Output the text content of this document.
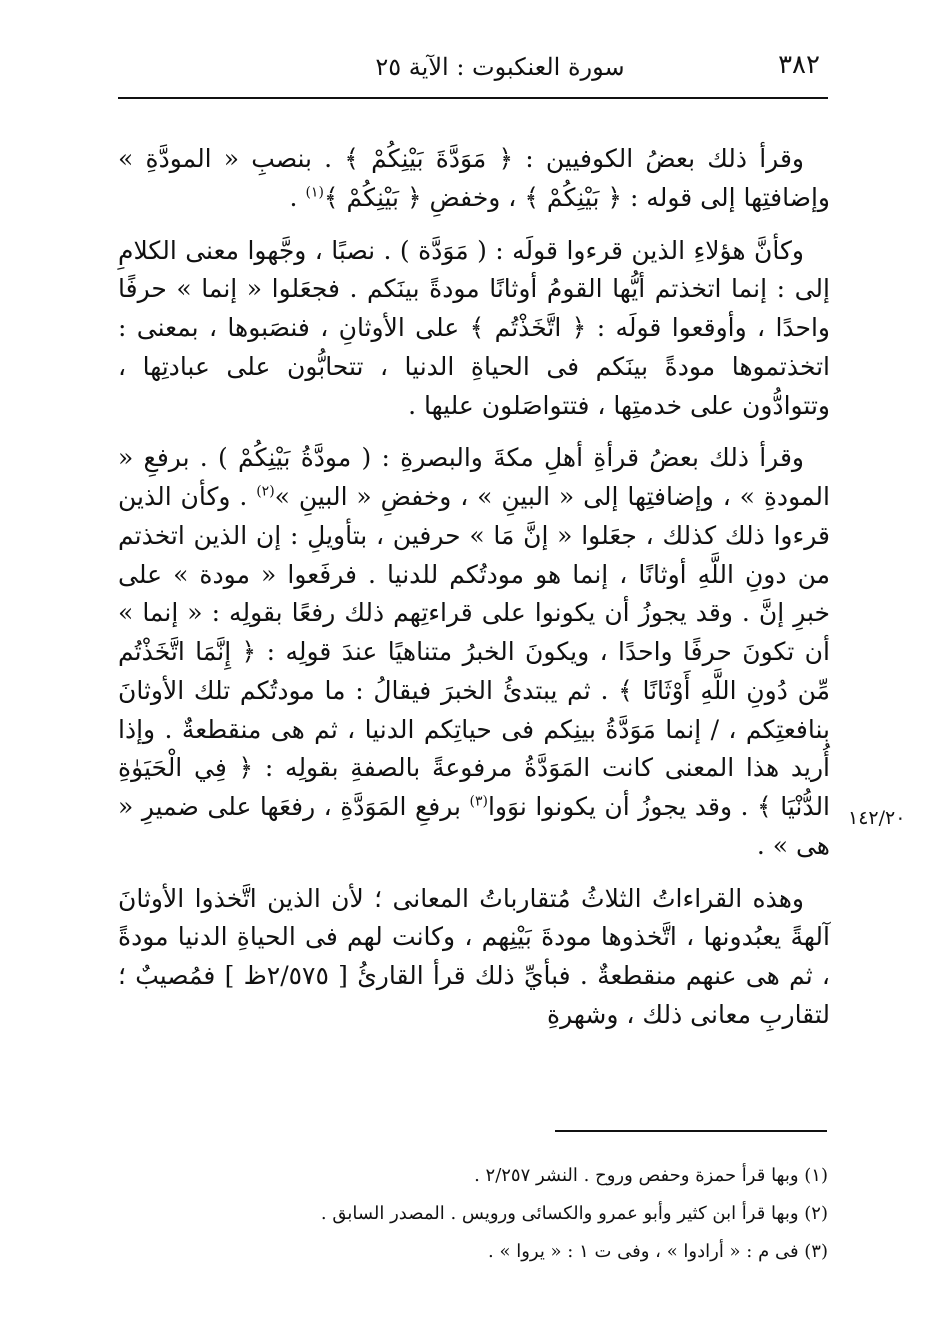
٣٨٢
سورة العنكبوت : الآية ٢٥

وقرأ ذلك بعضُ الكوفيين : ﴿ مَوَدَّةَ بَيْنِكُمْ ﴾ . بنصبِ « المودَّةِ » وإضافتِها إلى قوله : ﴿ بَيْنِكُمْ ﴾ ، وخفضِ ﴿ بَيْنِكُمْ ﴾$^{(١)}$ .

وكأنَّ هؤلاءِ الذين قرءوا قولَه : ( مَوَدَّة ) . نصبًا ، وجَّهوا معنى الكلامِ إلى : إنما اتخذتم أيُّها القومُ أوثانًا مودةً بينَكم . فجعَلوا « إنما » حرفًا واحدًا ، وأوقعوا قولَه : ﴿ اتَّخَذْتُم ﴾ على الأوثانِ ، فنصَبوها ، بمعنى : اتخذتموها مودةً بينَكم فى الحياةِ الدنيا ، تتحابُّون على عبادتِها ، وتتوادُّون على خدمتِها ، فتتواصَلون عليها .

وقرأ ذلك بعضُ قرأةِ أهلِ مكةَ والبصرةِ : ( مودَّةُ بَيْنِكُمْ ) . برفعِ « المودةِ » ، وإضافتِها إلى « البينِ » ، وخفضِ « البينِ »$^{(٢)}$ . وكأن الذين قرءوا ذلك كذلك ، جعَلوا « إنَّ مَا » حرفين ، بتأويلِ : إن الذين اتخذتم من دونِ اللَّهِ أوثانًا ، إنما هو مودتُكم للدنيا . فرفَعوا « مودة » على خبرِ إنَّ . وقد يجوزُ أن يكونوا على قراءتِهم ذلك رفعًا بقولِه : « إنما » أن تكونَ حرفًا واحدًا ، ويكونَ الخبرُ متناهيًا عندَ قولِه : ﴿ إِنَّمَا اتَّخَذْتُم مِّن دُونِ اللَّهِ أَوْثَانًا ﴾ . ثم يبتدئُ الخبرَ فيقالُ : ما مودتُكم تلك الأوثانَ بنافعتِكم ، / إنما مَوَدَّةُ بينِكم فى حياتِكم الدنيا ، ثم هى منقطعةٌ . وإذا أُريد هذا المعنى كانت المَوَدَّةُ مرفوعةً بالصفةِ بقولِه : ﴿ فِي الْحَيَوٰةِ الدُّنْيَا ﴾ . وقد يجوزُ أن يكونوا نوَوا$^{(٣)}$ برفعِ المَوَدَّةِ ، رفعَها على ضميرِ « هى » .

وهذه القراءاتُ الثلاثُ مُتقارباتُ المعانى ؛ لأن الذين اتَّخذوا الأوثانَ آلهةً يعبُدونها ، اتَّخذوها مودةَ بَيْنِهم ، وكانت لهم فى الحياةِ الدنيا مودةً ، ثم هى عنهم منقطعةٌ . فبأيِّ ذلك قرأ القارئُ [ ٢/٥٧٥ظ ] فمُصيبٌ ؛ لتقاربِ معانى ذلك ، وشهرةِ

١٤٢/٢٠

(١) وبها قرأ حمزة وحفص وروح . النشر ٢/٢٥٧ .

(٢) وبها قرأ ابن كثير وأبو عمرو والكسائى ورويس . المصدر السابق .

(٣) فى م : « أرادوا » ، وفى ت ١ : « يروا » .
